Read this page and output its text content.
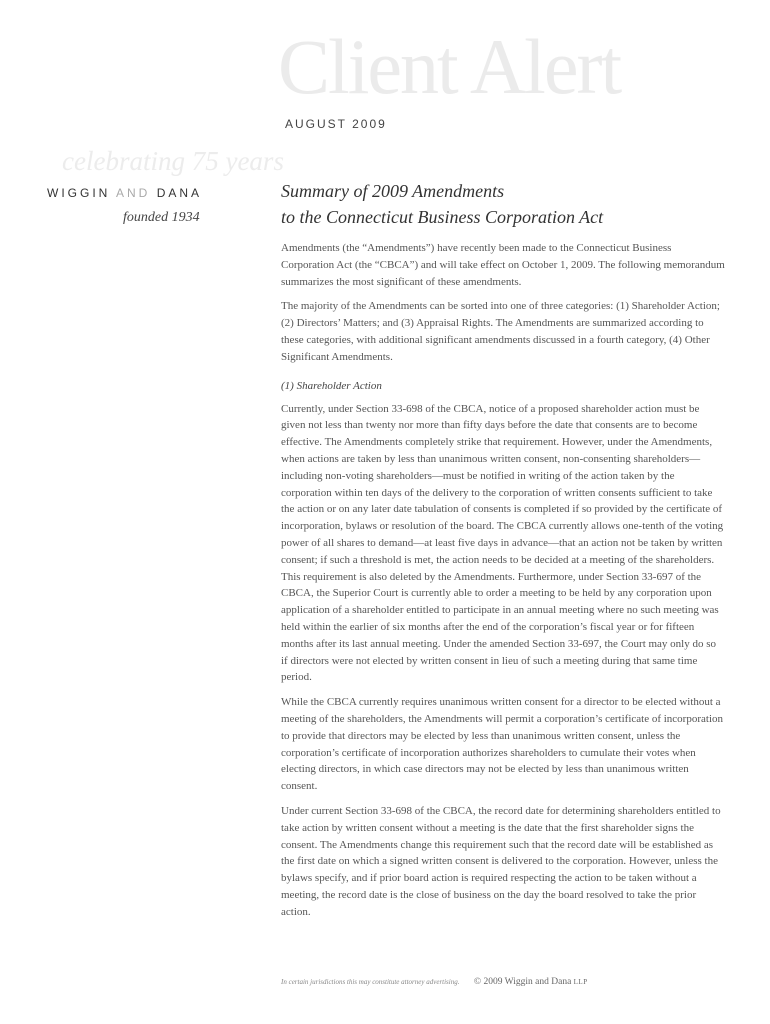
Client Alert
AUGUST 2009
celebrating 75 years
WIGGIN AND DANA
founded 1934
Summary of 2009 Amendments
to the Connecticut Business Corporation Act

Amendments (the “Amendments”) have recently been made to the Connecticut Business Corporation Act (the “CBCA”) and will take effect on October 1, 2009. The following memorandum summarizes the most significant of these amendments.

The majority of the Amendments can be sorted into one of three categories: (1) Shareholder Action; (2) Directors’ Matters; and (3) Appraisal Rights. The Amendments are summarized according to these categories, with additional significant amendments discussed in a fourth category, (4) Other Significant Amendments.

(1) Shareholder Action

Currently, under Section 33-698 of the CBCA, notice of a proposed shareholder action must be given not less than twenty nor more than fifty days before the date that consents are to become effective. The Amendments completely strike that requirement. However, under the Amendments, when actions are taken by less than unanimous written consent, non-consenting shareholders—including non-voting shareholders—must be notified in writing of the action taken by the corporation within ten days of the delivery to the corporation of written consents sufficient to take the action or on any later date tabulation of consents is completed if so provided by the certificate of incorporation, bylaws or resolution of the board. The CBCA currently allows one-tenth of the voting power of all shares to demand—at least five days in advance—that an action not be taken by written consent; if such a threshold is met, the action needs to be decided at a meeting of the shareholders. This requirement is also deleted by the Amendments. Furthermore, under Section 33-697 of the CBCA, the Superior Court is currently able to order a meeting to be held by any corporation upon application of a shareholder entitled to participate in an annual meeting where no such meeting was held within the earlier of six months after the end of the corporation’s fiscal year or for fifteen months after its last annual meeting. Under the amended Section 33-697, the Court may only do so if directors were not elected by written consent in lieu of such a meeting during that same time period.

While the CBCA currently requires unanimous written consent for a director to be elected without a meeting of the shareholders, the Amendments will permit a corporation’s certificate of incorporation to provide that directors may be elected by less than unanimous written consent, unless the corporation’s certificate of incorporation authorizes shareholders to cumulate their votes when electing directors, in which case directors may not be elected by less than unanimous written consent.

Under current Section 33-698 of the CBCA, the record date for determining shareholders entitled to take action by written consent without a meeting is the date that the first shareholder signs the consent. The Amendments change this requirement such that the record date will be established as the first date on which a signed written consent is delivered to the corporation. However, unless the bylaws specify, and if prior board action is required respecting the action to be taken without a meeting, the record date is the close of business on the day the board resolved to take the prior action.

In certain jurisdictions this may constitute attorney advertising. © 2009 Wiggin and Dana LLP
